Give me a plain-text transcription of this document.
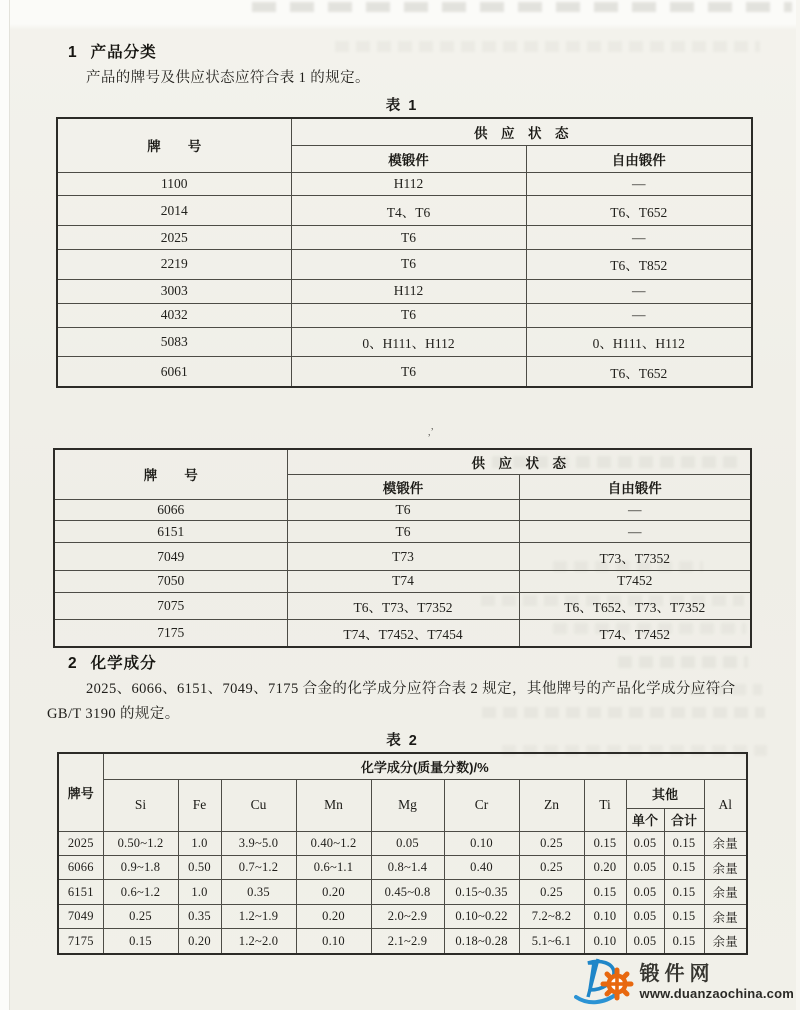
1 产品分类
产品的牌号及供应状态应符合表 1 的规定。
表 1
牌　　号	供　应　状　态	
	模锻件	自由锻件
1100	H112	—
2014	T4、T6	T6、T652
2025	T6	—
2219	T6	T6、T852
3003	H112	—
4032	T6	—
5083	0、H111、H112	0、H111、H112
6061	T6	T6、T652
,’
牌　　号	供　应　状　态	
	模锻件	自由锻件
6066	T6	—
6151	T6	—
7049	T73	T73、T7352
7050	T74	T7452
7075	T6、T73、T7352	T6、T652、T73、T7352
7175	T74、T7452、T7454	T74、T7452
2 化学成分
2025、6066、6151、7049、7175 合金的化学成分应符合表 2 规定，其他牌号的产品化学成分应符合
GB/T 3190 的规定。
表 2
牌号	化学成分(质量分数)/%										
	Si	Fe	Cu	Mn	Mg	Cr	Zn	Ti	其他		Al
									单个	合计	
2025	0.50~1.2	1.0	3.9~5.0	0.40~1.2	0.05	0.10	0.25	0.15	0.05	0.15	余量
6066	0.9~1.8	0.50	0.7~1.2	0.6~1.1	0.8~1.4	0.40	0.25	0.20	0.05	0.15	余量
6151	0.6~1.2	1.0	0.35	0.20	0.45~0.8	0.15~0.35	0.25	0.15	0.05	0.15	余量
7049	0.25	0.35	1.2~1.9	0.20	2.0~2.9	0.10~0.22	7.2~8.2	0.10	0.05	0.15	余量
7175	0.15	0.20	1.2~2.0	0.10	2.1~2.9	0.18~0.28	5.1~6.1	0.10	0.05	0.15	余量
锻件网
www.duanzaochina.com
